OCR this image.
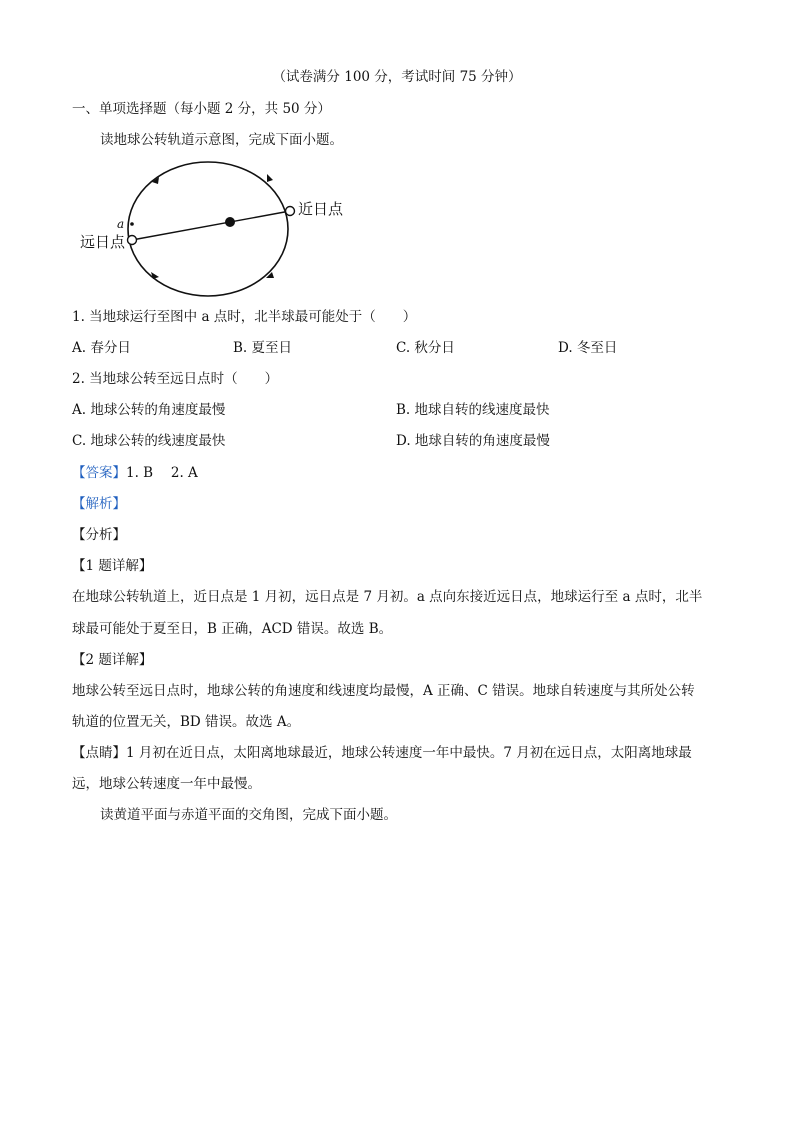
（试卷满分 100 分，考试时间 75 分钟）
一、单项选择题（每小题 2 分，共 50 分）
读地球公转轨道示意图，完成下面小题。
近日点
远日点
a
1. 当地球运行至图中 a 点时，北半球最可能处于（　　）
A. 春分日	B. 夏至日	C. 秋分日	D. 冬至日
2. 当地球公转至远日点时（　　）
A. 地球公转的角速度最慢	B. 地球自转的线速度最快
C. 地球公转的线速度最快	D. 地球自转的角速度最慢
【答案】1. B　 2. A
【解析】
【分析】
【1 题详解】
在地球公转轨道上，近日点是 1 月初，远日点是 7 月初。a 点向东接近远日点，地球运行至 a 点时，北半
球最可能处于夏至日，B 正确，ACD 错误。故选 B。
【2 题详解】
地球公转至远日点时，地球公转的角速度和线速度均最慢，A 正确、C 错误。地球自转速度与其所处公转
轨道的位置无关，BD 错误。故选 A。
【点睛】1 月初在近日点，太阳离地球最近，地球公转速度一年中最快。7 月初在远日点，太阳离地球最
远，地球公转速度一年中最慢。
读黄道平面与赤道平面的交角图，完成下面小题。
